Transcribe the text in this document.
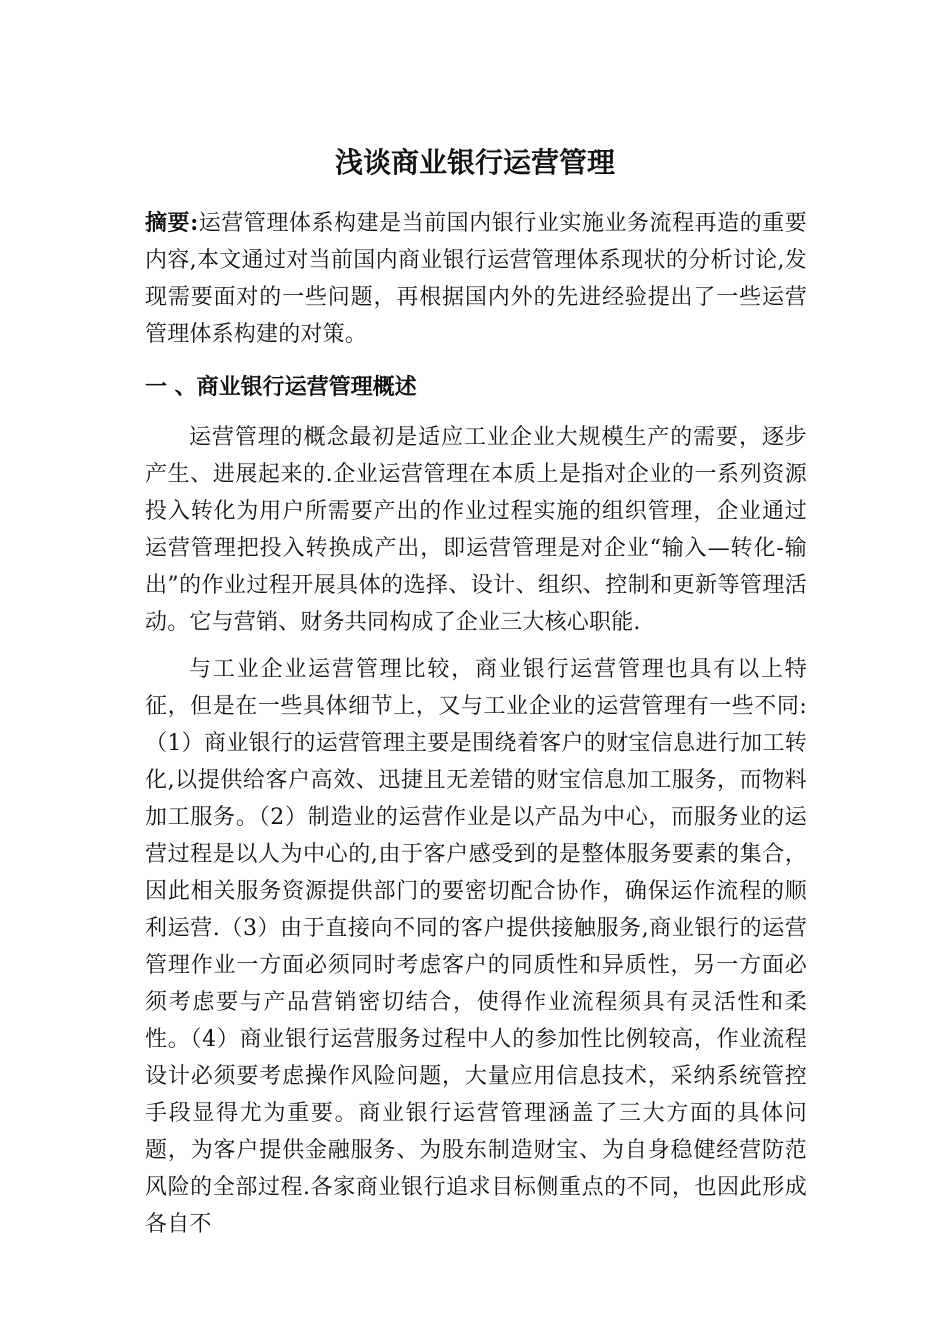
浅谈商业银行运营管理
摘要:运营管理体系构建是当前国内银行业实施业务流程再造的重要内容,本文通过对当前国内商业银行运营管理体系现状的分析讨论,发现需要面对的一些问题，再根据国内外的先进经验提出了一些运营管理体系构建的对策。
一 、商业银行运营管理概述
运营管理的概念最初是适应工业企业大规模生产的需要，逐步产生、进展起来的.企业运营管理在本质上是指对企业的一系列资源投入转化为用户所需要产出的作业过程实施的组织管理，企业通过运营管理把投入转换成产出，即运营管理是对企业“输入—转化-输出”的作业过程开展具体的选择、设计、组织、控制和更新等管理活动。它与营销、财务共同构成了企业三大核心职能.
与工业企业运营管理比较，商业银行运营管理也具有以上特征，但是在一些具体细节上，又与工业企业的运营管理有一些不同:（1）商业银行的运营管理主要是围绕着客户的财宝信息进行加工转化,以提供给客户高效、迅捷且无差错的财宝信息加工服务，而物料加工服务。（2）制造业的运营作业是以产品为中心，而服务业的运营过程是以人为中心的,由于客户感受到的是整体服务要素的集合，因此相关服务资源提供部门的要密切配合协作，确保运作流程的顺利运营.（3）由于直接向不同的客户提供接触服务,商业银行的运营管理作业一方面必须同时考虑客户的同质性和异质性，另一方面必须考虑要与产品营销密切结合，使得作业流程须具有灵活性和柔性。（4）商业银行运营服务过程中人的参加性比例较高，作业流程设计必须要考虑操作风险问题，大量应用信息技术，采纳系统管控手段显得尤为重要。商业银行运营管理涵盖了三大方面的具体问题，为客户提供金融服务、为股东制造财宝、为自身稳健经营防范风险的全部过程.各家商业银行追求目标侧重点的不同，也因此形成各自不
